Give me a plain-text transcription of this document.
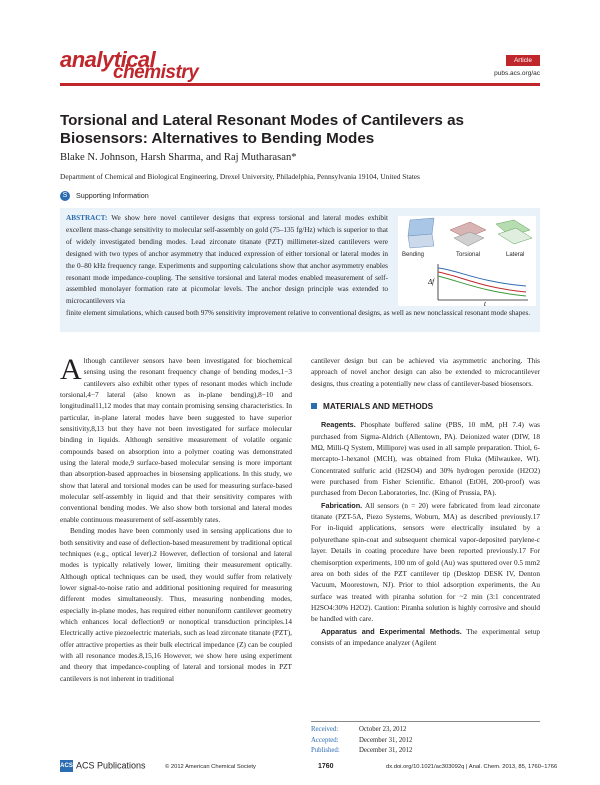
analytical
chemistry
Article
pubs.acs.org/ac
Torsional and Lateral Resonant Modes of Cantilevers as Biosensors: Alternatives to Bending Modes
Blake N. Johnson, Harsh Sharma, and Raj Mutharasan*
Department of Chemical and Biological Engineering, Drexel University, Philadelphia, Pennsylvania 19104, United States
S Supporting Information
ABSTRACT: We show here novel cantilever designs that express torsional and lateral modes exhibit excellent mass-change sensitivity to molecular self-assembly on gold (75–135 fg/Hz) which is superior to that of widely investigated bending modes. Lead zirconate titanate (PZT) millimeter-sized cantilevers were designed with two types of anchor asymmetry that induced expression of either torsional or lateral modes in the 0–80 kHz frequency range. Experiments and supporting calculations show that anchor asymmetry enables resonant mode impedance-coupling. The sensitive torsional and lateral modes enabled measurement of self-assembled monolayer formation rate at picomolar levels. The anchor design principle was extended to microcantilevers via
finite element simulations, which caused both 97% sensitivity improvement relative to conventional designs, as well as new nonclassical resonant mode shapes.
Bending	Torsional	Lateral
Δf
t

Although cantilever sensors have been investigated for biochemical sensing using the resonant frequency change of bending modes,1−3 cantilevers also exhibit other types of resonant modes which include torsional,4−7 lateral (also known as in-plane bending),8−10 and longitudinal11,12 modes that may contain promising sensing characteristics. In particular, in-plane lateral modes have been suggested to have superior sensitivity,8,13 but they have not been investigated for surface molecular binding in liquids. Although sensitive measurement of volatile organic compounds based on absorption into a polymer coating was demonstrated using the lateral mode,9 surface-based molecular sensing is more important than absorption-based approaches in biosensing applications. In this study, we show that lateral and torsional modes can be used for measuring surface-based molecular self-assembly in liquid and that their sensitivity compares with conventional bending modes. We also show both torsional and lateral modes enable continuous measurement of self-assembly rates.

Bending modes have been commonly used in sensing applications due to both sensitivity and ease of deflection-based measurement by traditional optical techniques (e.g., optical lever).2 However, deflection of torsional and lateral modes is typically relatively lower, limiting their measurement optically. Although optical techniques can be used, they would suffer from relatively lower signal-to-noise ratio and additional positioning required for measuring different modes simultaneously. Thus, measuring nonbending modes, especially in-plane modes, has required either nonuniform cantilever geometry which enhances local deflection9 or nonoptical transduction principles.14 Electrically active piezoelectric materials, such as lead zirconate titanate (PZT), offer attractive properties as their bulk electrical impedance (Z) can be coupled with all resonance modes.8,15,16 However, we show here using experiment and theory that impedance-coupling of lateral and torsional modes in PZT cantilevers is not inherent in traditional

cantilever design but can be achieved via asymmetric anchoring. This approach of novel anchor design can also be extended to microcantilever designs, thus creating a potentially new class of cantilever-based biosensors.

MATERIALS AND METHODS

Reagents. Phosphate buffered saline (PBS, 10 mM, pH 7.4) was purchased from Sigma-Aldrich (Allentown, PA). Deionized water (DIW, 18 MΩ, Milli-Q System, Millipore) was used in all sample preparation. Thiol, 6-mercapto-1-hexanol (MCH), was obtained from Fluka (Milwaukee, WI). Concentrated sulfuric acid (H2SO4) and 30% hydrogen peroxide (H2O2) were purchased from Fisher Scientific. Ethanol (EtOH, 200-proof) was purchased from Decon Laboratories, Inc. (King of Prussia, PA).

Fabrication. All sensors (n = 20) were fabricated from lead zirconate titanate (PZT-5A, Piezo Systems, Woburn, MA) as described previously.17 For in-liquid applications, sensors were electrically insulated by a polyurethane spin-coat and subsequent chemical vapor-deposited parylene-c layer. Details in coating procedure have been reported previously.17 For chemisorption experiments, 100 nm of gold (Au) was sputtered over 0.5 mm2 area on both sides of the PZT cantilever tip (Desktop DESK IV, Denton Vacuum, Moorestown, NJ). Prior to thiol adsorption experiments, the Au surface was treated with piranha solution for ~2 min (3:1 concentrated H2SO4:30% H2O2). Caution: Piranha solution is highly corrosive and should be handled with care.

Apparatus and Experimental Methods. The experimental setup consists of an impedance analyzer (Agilent

Received:	October 23, 2012
Accepted:	December 31, 2012
Published:	December 31, 2012
ACS ACS Publications	© 2012 American Chemical Society	1760	dx.doi.org/10.1021/ac303092q | Anal. Chem. 2013, 85, 1760−1766
